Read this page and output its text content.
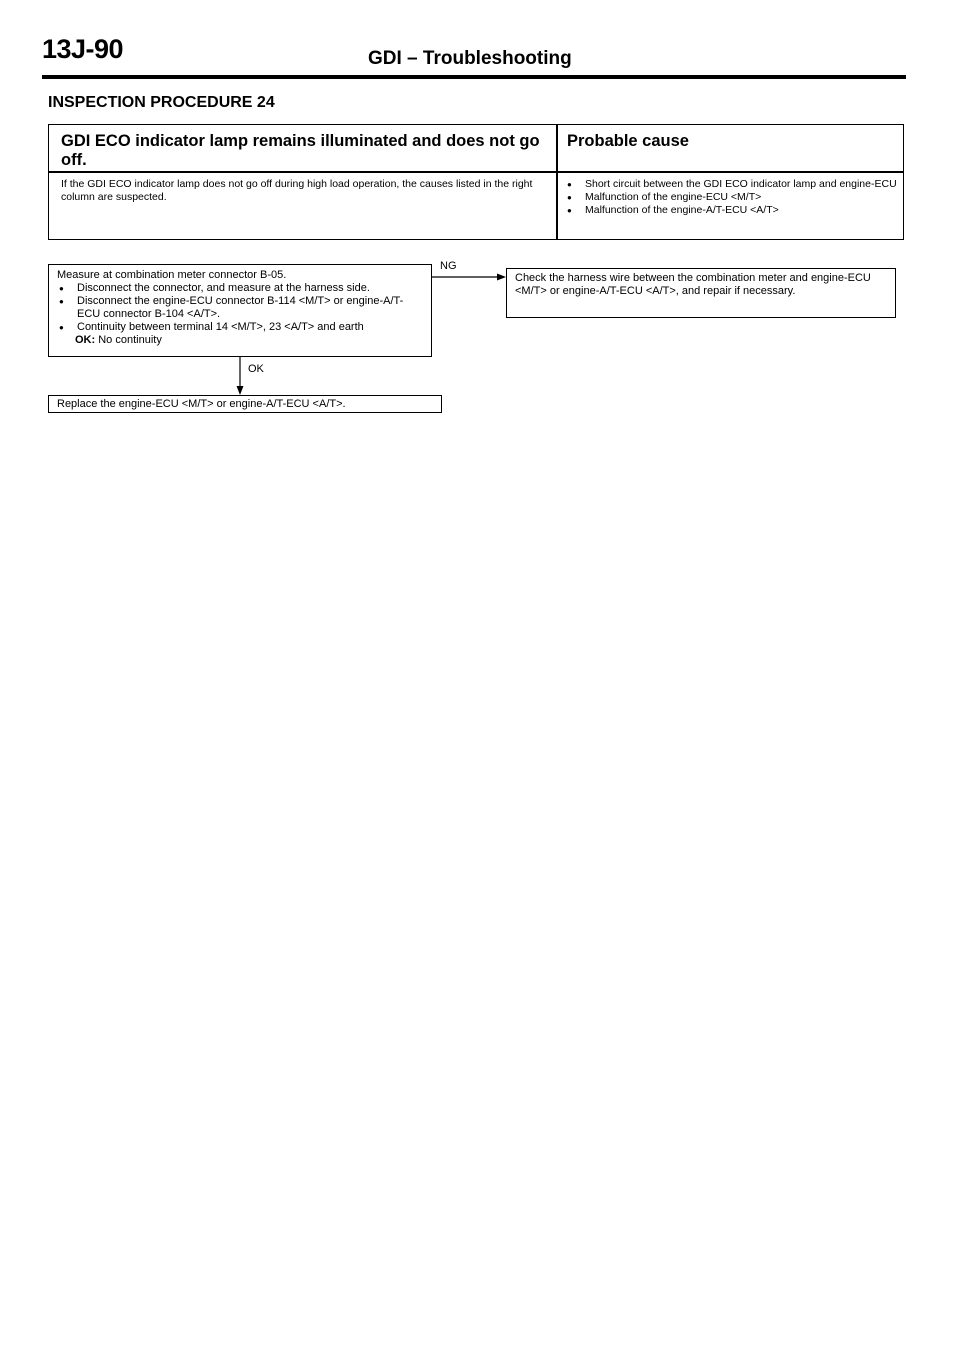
13J-90	GDI – Troubleshooting
INSPECTION PROCEDURE 24
GDI ECO indicator lamp remains illuminated and does not go off.
Probable cause
If the GDI ECO indicator lamp does not go off during high load operation, the causes listed in the right column are suspected.
● Short circuit between the GDI ECO indicator lamp and engine-ECU
● Malfunction of the engine-ECU <M/T>
● Malfunction of the engine-A/T-ECU <A/T>
NG
OK
Measure at combination meter connector B-05.
● Disconnect the connector, and measure at the harness side.
● Disconnect the engine-ECU connector B-114 <M/T> or engine-A/T-ECU connector B-104 <A/T>.
● Continuity between terminal 14 <M/T>, 23 <A/T> and earth
OK: No continuity
Check the harness wire between the combination meter and engine-ECU <M/T> or engine-A/T-ECU <A/T>, and repair if necessary.
Replace the engine-ECU <M/T> or engine-A/T-ECU <A/T>.
